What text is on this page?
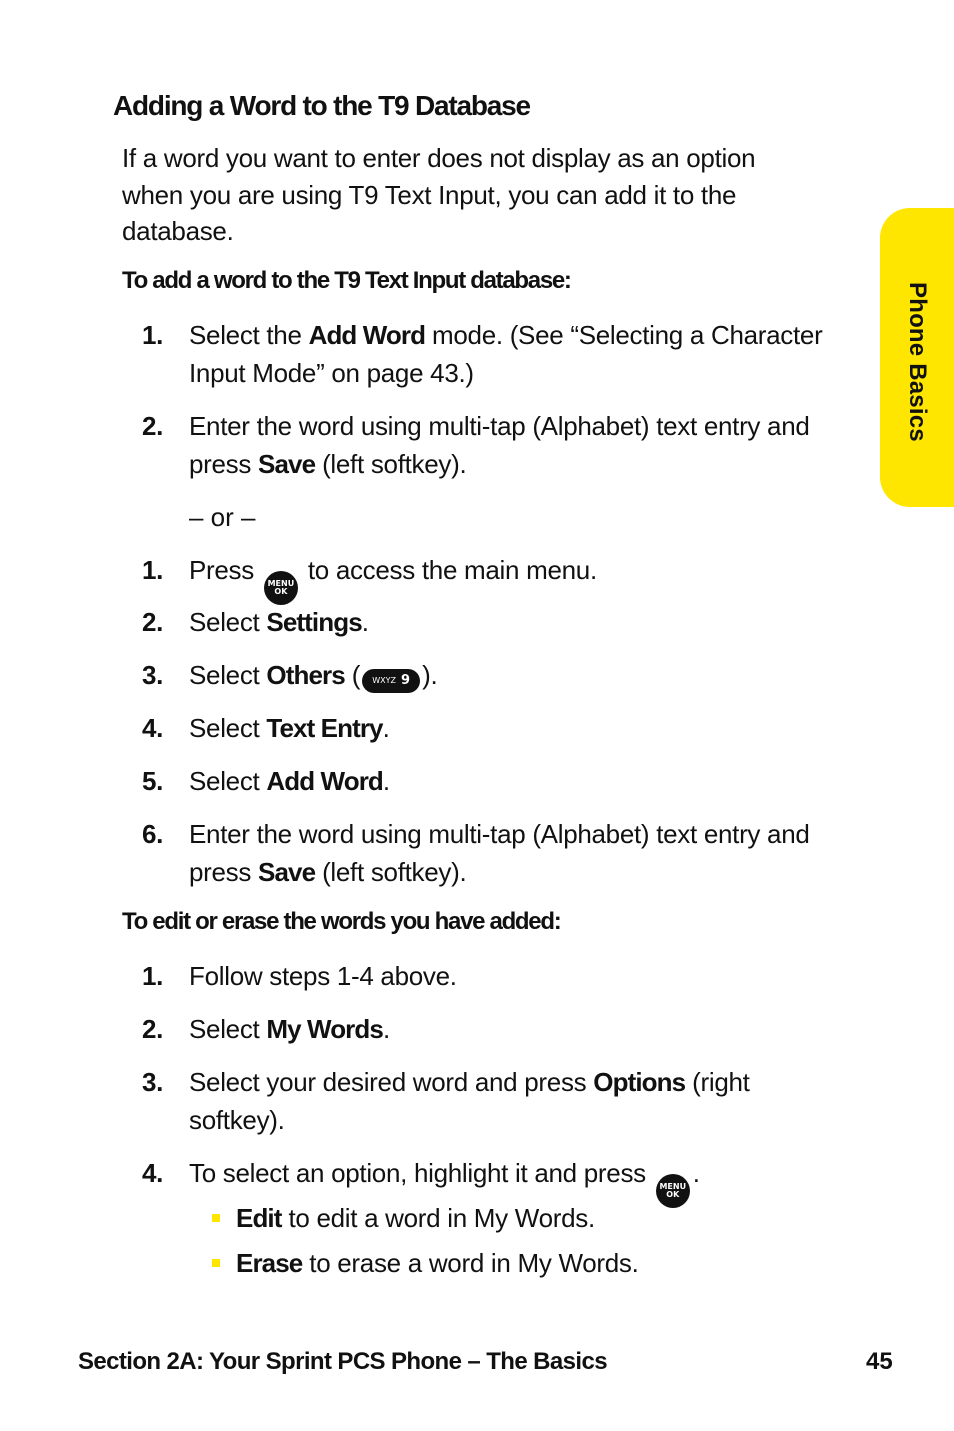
Phone Basics
Adding a Word to the T9 Database

If a word you want to enter does not display as an option when you are using T9 Text Input, you can add it to the database.

To add a word to the T9 Text Input database:
1. Select the Add Word mode. (See “Selecting a Character Input Mode” on page 43.)
2. Enter the word using multi-tap (Alphabet) text entry and press Save (left softkey).
– or –
1. Press MENU
OK
to access the main menu.
2. Select Settings.
3. Select Others ( WXYZ 9 ).
4. Select Text Entry.
5. Select Add Word.
6. Enter the word using multi-tap (Alphabet) text entry and press Save (left softkey).
To edit or erase the words you have added:
1. Follow steps 1-4 above.
2. Select My Words.
3. Select your desired word and press Options (right softkey).
4. To select an option, highlight it and press MENU
OK
.
Edit to edit a word in My Words.
Erase to erase a word in My Words.
Section 2A: Your Sprint PCS Phone – The Basics	45
